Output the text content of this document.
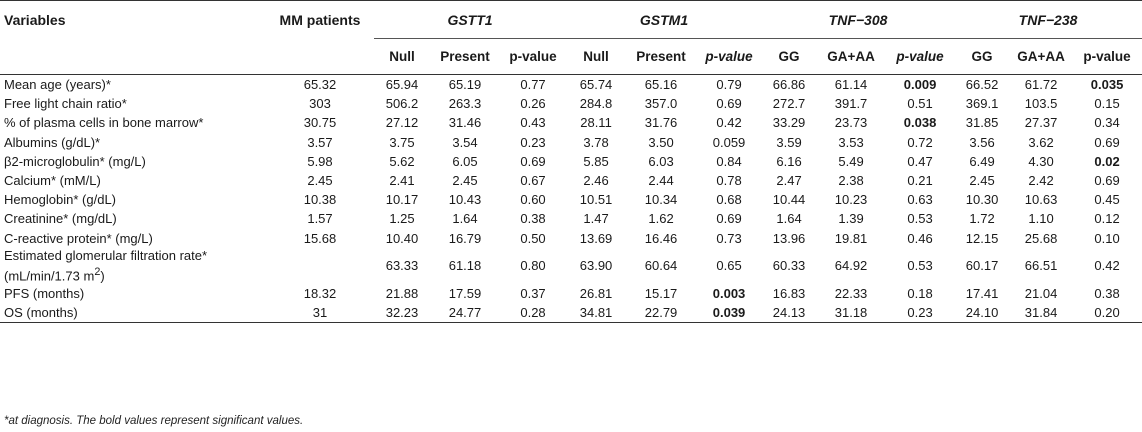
Variables	MM patients	GSTT1			GSTM1			TNF−308			TNF−238		
		Null	Present	p-value	Null	Present	p-value	GG	GA+AA	p-value	GG	GA+AA	p-value
Mean age (years)*	65.32	65.94	65.19	0.77	65.74	65.16	0.79	66.86	61.14	0.009	66.52	61.72	0.035
Free light chain ratio*	303	506.2	263.3	0.26	284.8	357.0	0.69	272.7	391.7	0.51	369.1	103.5	0.15
% of plasma cells in bone marrow*	30.75	27.12	31.46	0.43	28.11	31.76	0.42	33.29	23.73	0.038	31.85	27.37	0.34
Albumins (g/dL)*	3.57	3.75	3.54	0.23	3.78	3.50	0.059	3.59	3.53	0.72	3.56	3.62	0.69
β2-microglobulin* (mg/L)	5.98	5.62	6.05	0.69	5.85	6.03	0.84	6.16	5.49	0.47	6.49	4.30	0.02
Calcium* (mM/L)	2.45	2.41	2.45	0.67	2.46	2.44	0.78	2.47	2.38	0.21	2.45	2.42	0.69
Hemoglobin* (g/dL)	10.38	10.17	10.43	0.60	10.51	10.34	0.68	10.44	10.23	0.63	10.30	10.63	0.45
Creatinine* (mg/dL)	1.57	1.25	1.64	0.38	1.47	1.62	0.69	1.64	1.39	0.53	1.72	1.10	0.12
C-reactive protein* (mg/L)	15.68	10.40	16.79	0.50	13.69	16.46	0.73	13.96	19.81	0.46	12.15	25.68	0.10
Estimated glomerular filtration rate*
(mL/min/1.73 $m^2$)		63.33	61.18	0.80	63.90	60.64	0.65	60.33	64.92	0.53	60.17	66.51	0.42
PFS (months)	18.32	21.88	17.59	0.37	26.81	15.17	0.003	16.83	22.33	0.18	17.41	21.04	0.38
OS (months)	31	32.23	24.77	0.28	34.81	22.79	0.039	24.13	31.18	0.23	24.10	31.84	0.20
*at diagnosis. The bold values represent significant values.
